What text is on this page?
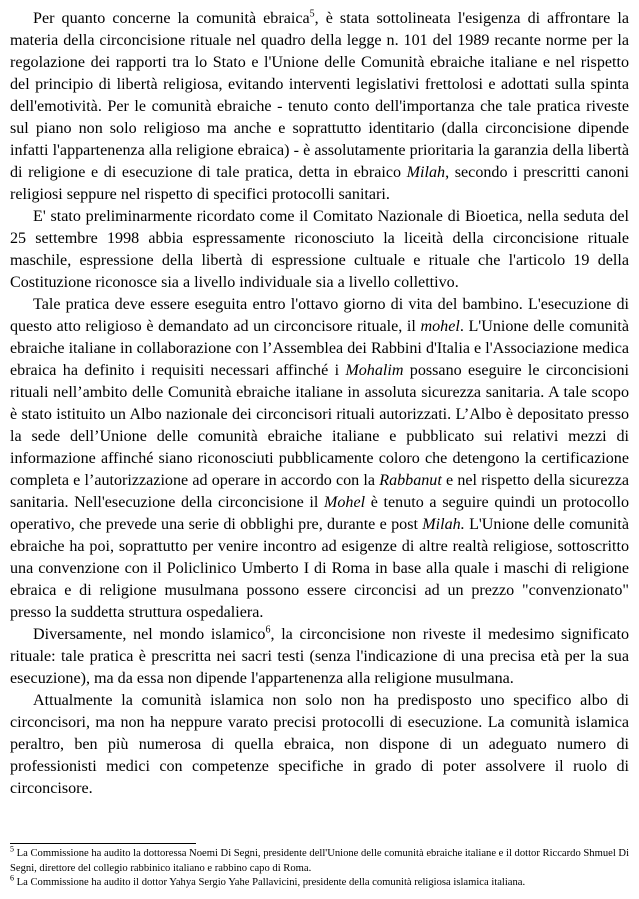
Per quanto concerne la comunità ebraica$^5$, è stata sottolineata l'esigenza di affrontare la materia della circoncisione rituale nel quadro della legge n. 101 del 1989 recante norme per la regolazione dei rapporti tra lo Stato e l'Unione delle Comunità ebraiche italiane e nel rispetto del principio di libertà religiosa, evitando interventi legislativi frettolosi e adottati sulla spinta dell'emotività. Per le comunità ebraiche - tenuto conto dell'importanza che tale pratica riveste sul piano non solo religioso ma anche e soprattutto identitario (dalla circoncisione dipende infatti l'appartenenza alla religione ebraica) - è assolutamente prioritaria la garanzia della libertà di religione e di esecuzione di tale pratica, detta in ebraico Milah, secondo i prescritti canoni religiosi seppure nel rispetto di specifici protocolli sanitari.

E' stato preliminarmente ricordato come il Comitato Nazionale di Bioetica, nella seduta del 25 settembre 1998 abbia espressamente riconosciuto la liceità della circoncisione rituale maschile, espressione della libertà di espressione cultuale e rituale che l'articolo 19 della Costituzione riconosce sia a livello individuale sia a livello collettivo.

Tale pratica deve essere eseguita entro l'ottavo giorno di vita del bambino. L'esecuzione di questo atto religioso è demandato ad un circoncisore rituale, il mohel. L'Unione delle comunità ebraiche italiane in collaborazione con l’Assemblea dei Rabbini d'Italia e l'Associazione medica ebraica ha definito i requisiti necessari affinché i Mohalim possano eseguire le circoncisioni rituali nell’ambito delle Comunità ebraiche italiane in assoluta sicurezza sanitaria. A tale scopo è stato istituito un Albo nazionale dei circoncisori rituali autorizzati. L’Albo è depositato presso la sede dell’Unione delle comunità ebraiche italiane e pubblicato sui relativi mezzi di informazione affinché siano riconosciuti pubblicamente coloro che detengono la certificazione completa e l’autorizzazione ad operare in accordo con la Rabbanut e nel rispetto della sicurezza sanitaria. Nell'esecuzione della circoncisione il Mohel è tenuto a seguire quindi un protocollo operativo, che prevede una serie di obblighi pre, durante e post Milah. L'Unione delle comunità ebraiche ha poi, soprattutto per venire incontro ad esigenze di altre realtà religiose, sottoscritto una convenzione con il Policlinico Umberto I di Roma in base alla quale i maschi di religione ebraica e di religione musulmana possono essere circoncisi ad un prezzo "convenzionato" presso la suddetta struttura ospedaliera.

Diversamente, nel mondo islamico$^6$, la circoncisione non riveste il medesimo significato rituale: tale pratica è prescritta nei sacri testi (senza l'indicazione di una precisa età per la sua esecuzione), ma da essa non dipende l'appartenenza alla religione musulmana.

Attualmente la comunità islamica non solo non ha predisposto uno specifico albo di circoncisori, ma non ha neppure varato precisi protocolli di esecuzione. La comunità islamica peraltro, ben più numerosa di quella ebraica, non dispone di un adeguato numero di professionisti medici con competenze specifiche in grado di poter assolvere il ruolo di circoncisore.

$^5$ La Commissione ha audito la dottoressa Noemi Di Segni, presidente dell'Unione delle comunità ebraiche italiane e il dottor Riccardo Shmuel Di Segni, direttore del collegio rabbinico italiano e rabbino capo di Roma.

$^6$ La Commissione ha audito il dottor Yahya Sergio Yahe Pallavicini, presidente della comunità religiosa islamica italiana.
